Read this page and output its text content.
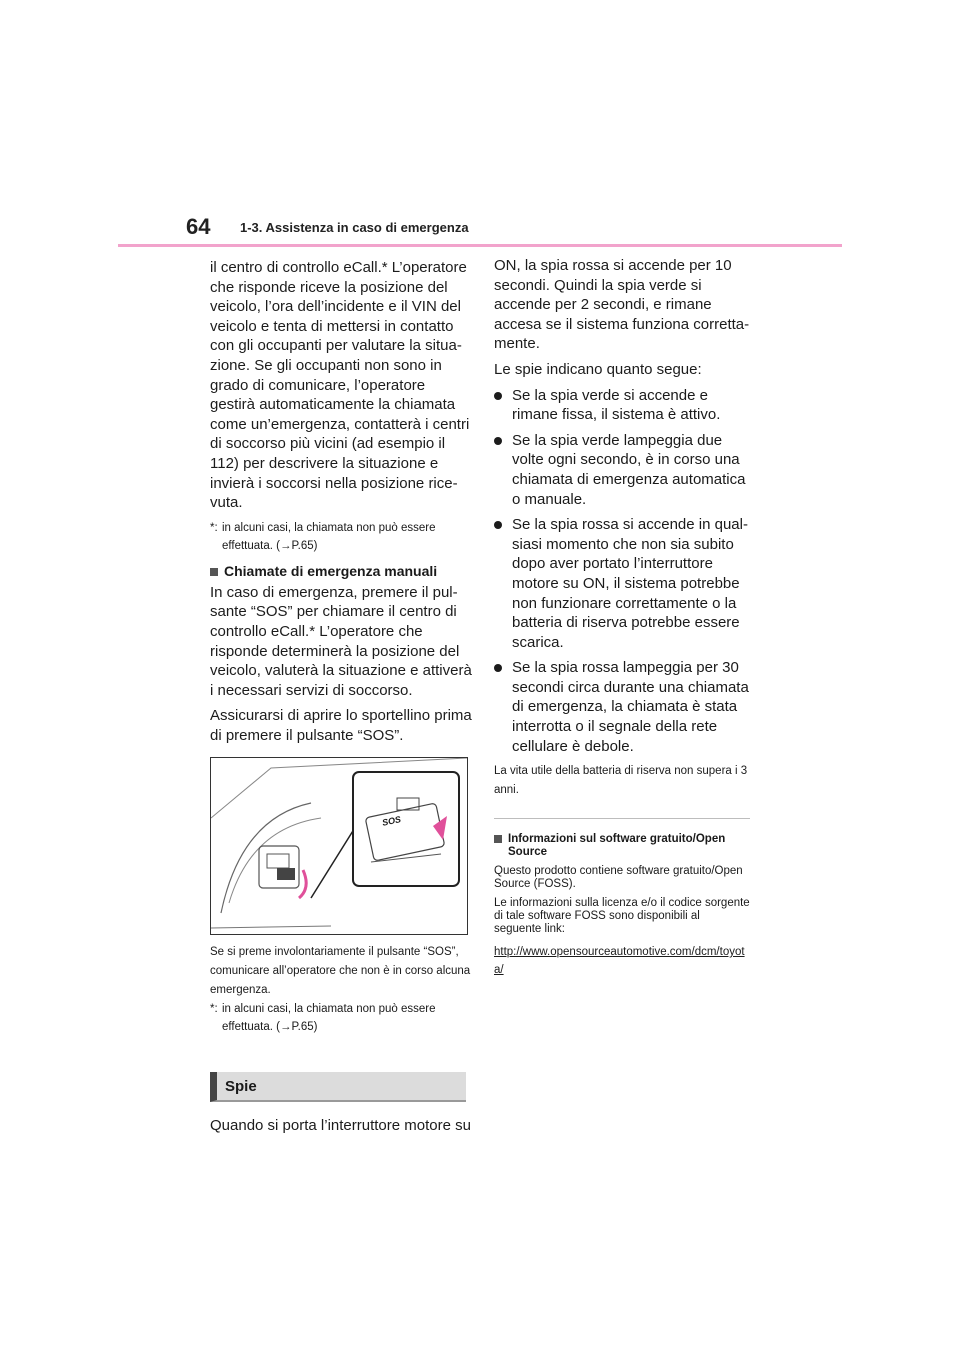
64 1-3. Assistenza in caso di emergenza

il centro di controllo eCall.* L’operatore che risponde riceve la posizione del veicolo, l’ora dell’incidente e il VIN del veicolo e tenta di mettersi in contatto con gli occupanti per valutare la situazione. Se gli occupanti non sono in grado di comunicare, l’operatore gestirà automaticamente la chiamata come un’emergenza, contatterà i centri di soccorso più vicini (ad esempio il 112) per descrivere la situazione e invierà i soccorsi nella posizione ricevuta.

*: in alcuni casi, la chiamata non può essere effettuata. (→P.65)
Chiamate di emergenza manuali

In caso di emergenza, premere il pulsante “SOS” per chiamare il centro di controllo eCall.* L’operatore che risponde determinerà la posizione del veicolo, valuterà la situazione e attiverà i necessari servizi di soccorso.

Assicurarsi di aprire lo sportellino prima di premere il pulsante “SOS”.

SOS

Se si preme involontariamente il pulsante “SOS”, comunicare all’operatore che non è in corso alcuna emergenza.

*: in alcuni casi, la chiamata non può essere effettuata. (→P.65)
Spie

Quando si porta l’interruttore motore su

ON, la spia rossa si accende per 10 secondi. Quindi la spia verde si accende per 2 secondi, e rimane accesa se il sistema funziona correttamente.

Le spie indicano quanto segue:

Se la spia verde si accende e rimane fissa, il sistema è attivo.
Se la spia verde lampeggia due volte ogni secondo, è in corso una chiamata di emergenza automatica o manuale.
Se la spia rossa si accende in qualsiasi momento che non sia subito dopo aver portato l’interruttore motore su ON, il sistema potrebbe non funzionare correttamente o la batteria di riserva potrebbe essere scarica.
Se la spia rossa lampeggia per 30 secondi circa durante una chiamata di emergenza, la chiamata è stata interrotta o il segnale della rete cellulare è debole.

La vita utile della batteria di riserva non supera i 3 anni.

Informazioni sul software gratuito/Open Source

Questo prodotto contiene software gratuito/Open Source (FOSS).

Le informazioni sulla licenza e/o il codice sorgente di tale software FOSS sono disponibili al seguente link:

http://www.opensourceautomotive.com/dcm/toyota/
